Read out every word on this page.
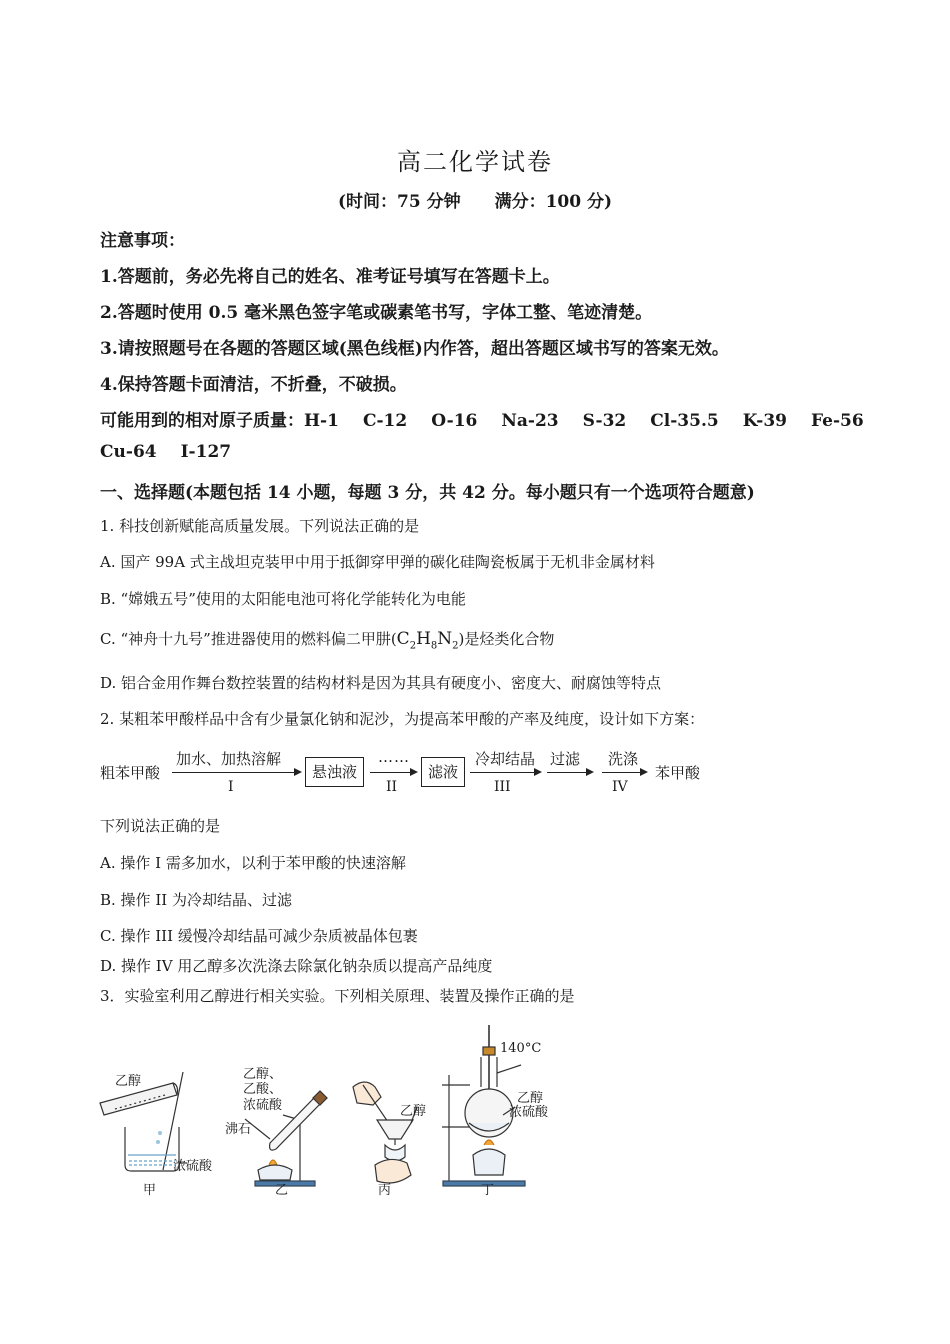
高二化学试卷
(时间：75 分钟 满分：100 分)
注意事项：
1.答题前，务必先将自己的姓名、准考证号填写在答题卡上。
2.答题时使用 0.5 毫米黑色签字笔或碳素笔书写，字体工整、笔迹清楚。
3.请按照题号在各题的答题区域(黑色线框)内作答，超出答题区域书写的答案无效。
4.保持答题卡面清洁，不折叠，不破损。
可能用到的相对原子质量：H-1 C-12 O-16 Na-23 S-32 Cl-35.5 K-39 Fe-56
Cu-64 I-127
一、选择题(本题包括 14 小题，每题 3 分，共 42 分。每小题只有一个选项符合题意)
1. 科技创新赋能高质量发展。下列说法正确的是
A. 国产 99A 式主战坦克装甲中用于抵御穿甲弹的碳化硅陶瓷板属于无机非金属材料
B. “嫦娥五号”使用的太阳能电池可将化学能转化为电能
C. “神舟十九号”推进器使用的燃料偏二甲肼$(C_2H_8N_2)$是烃类化合物
D. 铝合金用作舞台数控装置的结构材料是因为其具有硬度小、密度大、耐腐蚀等特点
2. 某粗苯甲酸样品中含有少量氯化钠和泥沙，为提高苯甲酸的产率及纯度，设计如下方案：
粗苯甲酸
加水、加热溶解
I
悬浊液
……
II
滤液
冷却结晶
III
过滤 洗涤
IV
苯甲酸
下列说法正确的是
A. 操作 I 需多加水，以利于苯甲酸的快速溶解
B. 操作 II 为冷却结晶、过滤
C. 操作 III 缓慢冷却结晶可减少杂质被晶体包裹
D. 操作 IV 用乙醇多次洗涤去除氯化钠杂质以提高产品纯度
3．实验室利用乙醇进行相关实验。下列相关原理、装置及操作正确的是
乙醇
浓硫酸
甲
乙醇、
乙酸、
浓硫酸
沸石
乙
乙醇
丙
140°C
乙醇
浓硫酸
丁
